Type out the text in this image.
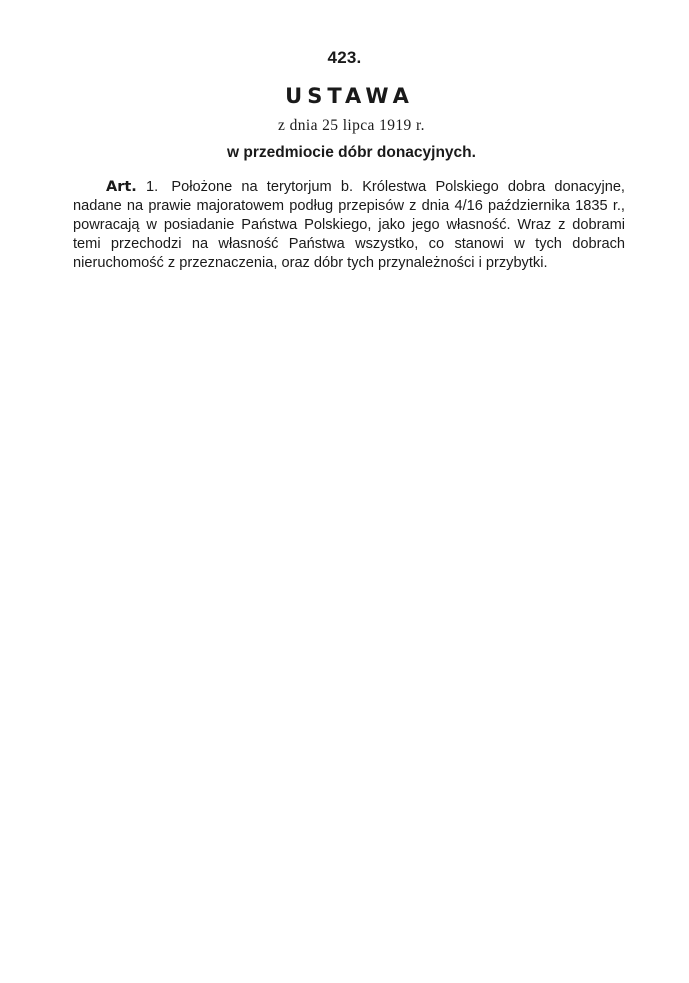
423.
USTAWA
z dnia 25 lipca 1919 r.
w przedmiocie dóbr donacyjnych.

Art. 1. Położone na terytorjum b. Królestwa Polskiego dobra donacyjne, nadane na prawie majoratowem podług przepisów z dnia 4/16 października 1835 r., powracają w posiadanie Państwa Polskiego, jako jego własność. Wraz z dobrami temi przechodzi na własność Państwa wszystko, co stanowi w tych dobrach nieruchomość z przeznaczenia, oraz dóbr tych przynależności i przybytki.
